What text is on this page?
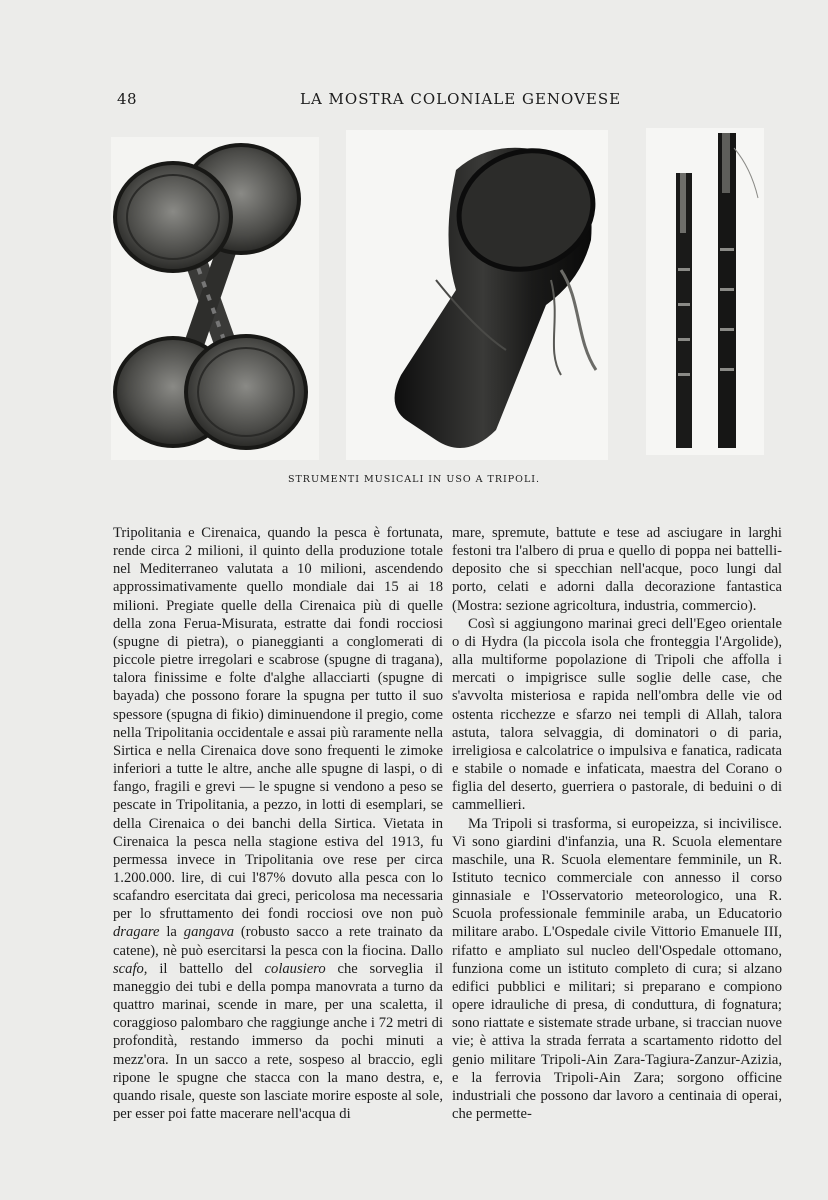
48	LA MOSTRA COLONIALE GENOVESE
STRUMENTI MUSICALI IN USO A TRIPOLI.

Tripolitania e Cirenaica, quando la pesca è fortunata, rende circa 2 milioni, il quinto della produzione totale nel Mediterraneo valutata a 10 milioni, ascendendo approssimativamente quello mondiale dai 15 ai 18 milioni. Pregiate quelle della Cirenaica più di quelle della zona Ferua-Misurata, estratte dai fondi rocciosi (spugne di pietra), o pianeggianti a conglomerati di piccole pietre irregolari e scabrose (spugne di tragana), talora finissime e folte d'alghe allacciarti (spugne di bayada) che possono forare la spugna per tutto il suo spessore (spugna di fikio) diminuendone il pregio, come nella Tripolitania occidentale e assai più raramente nella Sirtica e nella Cirenaica dove sono frequenti le zimoke inferiori a tutte le altre, anche alle spugne di laspi, o di fango, fragili e grevi — le spugne si vendono a peso se pescate in Tripolitania, a pezzo, in lotti di esemplari, se della Cirenaica o dei banchi della Sirtica. Vietata in Cirenaica la pesca nella stagione estiva del 1913, fu permessa invece in Tripolitania ove rese per circa 1.200.000. lire, di cui l'87% dovuto alla pesca con lo scafandro esercitata dai greci, pericolosa ma necessaria per lo sfruttamento dei fondi rocciosi ove non può dragare la gangava (robusto sacco a rete trainato da catene), nè può esercitarsi la pesca con la fiocina. Dallo scafo, il battello del colausiero che sorveglia il maneggio dei tubi e della pompa manovrata a turno da quattro marinai, scende in mare, per una scaletta, il coraggioso palombaro che raggiunge anche i 72 metri di profondità, restando immerso da pochi minuti a mezz'ora. In un sacco a rete, sospeso al braccio, egli ripone le spugne che stacca con la mano destra, e, quando risale, queste son lasciate morire esposte al sole, per esser poi fatte macerare nell'acqua di

mare, spremute, battute e tese ad asciugare in larghi festoni tra l'albero di prua e quello di poppa nei battelli-deposito che si specchian nell'acque, poco lungi dal porto, celati e adorni dalla decorazione fantastica (Mostra: sezione agricoltura, industria, commercio).

Così si aggiungono marinai greci dell'Egeo orientale o di Hydra (la piccola isola che fronteggia l'Argolide), alla multiforme popolazione di Tripoli che affolla i mercati o impigrisce sulle soglie delle case, che s'avvolta misteriosa e rapida nell'ombra delle vie od ostenta ricchezze e sfarzo nei templi di Allah, talora astuta, talora selvaggia, di dominatori o di paria, irreligiosa e calcolatrice o impulsiva e fanatica, radicata e stabile o nomade e infaticata, maestra del Corano o figlia del deserto, guerriera o pastorale, di beduini o di cammellieri.

Ma Tripoli si trasforma, si europeizza, si incivilisce. Vi sono giardini d'infanzia, una R. Scuola elementare maschile, una R. Scuola elementare femminile, un R. Istituto tecnico commerciale con annesso il corso ginnasiale e l'Osservatorio meteorologico, una R. Scuola professionale femminile araba, un Educatorio militare arabo. L'Ospedale civile Vittorio Emanuele III, rifatto e ampliato sul nucleo dell'Ospedale ottomano, funziona come un istituto completo di cura; si alzano edifici pubblici e militari; si preparano e compiono opere idrauliche di presa, di conduttura, di fognatura; sono riattate e sistemate strade urbane, si traccian nuove vie; è attiva la strada ferrata a scartamento ridotto del genio militare Tripoli-Ain Zara-Tagiura-Zanzur-Azizia, e la ferrovia Tripoli-Ain Zara; sorgono officine industriali che possono dar lavoro a centinaia di operai, che permette-
